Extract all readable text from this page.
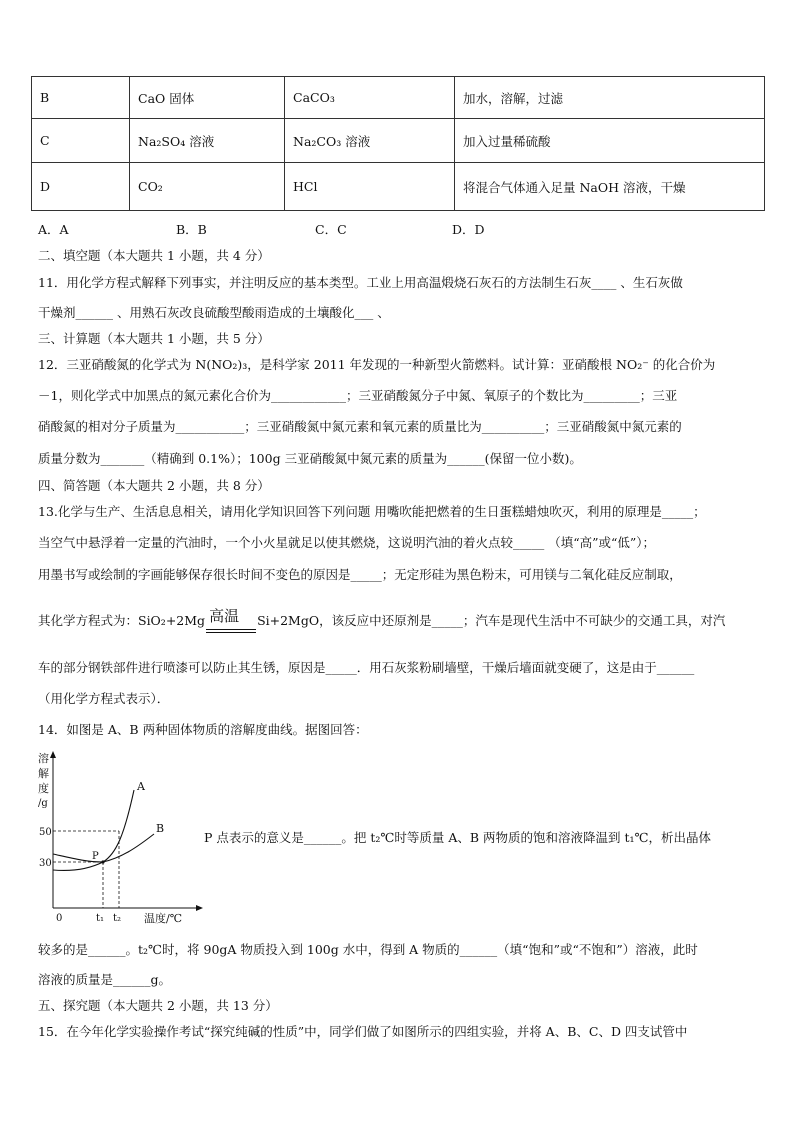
B	CaO 固体	CaCO₃	加水，溶解，过滤
C	Na₂SO₄ 溶液	Na₂CO₃ 溶液	加入过量稀硫酸
D	CO₂	HCl	将混合气体通入足量 NaOH 溶液，干燥
A．A	B．B	C．C	D．D
二、填空题（本大题共 1 小题，共 4 分）
11．用化学方程式解释下列事实，并注明反应的基本类型。工业上用高温煅烧石灰石的方法制生石灰____ 、生石灰做
干燥剂______ 、用熟石灰改良硫酸型酸雨造成的土壤酸化___ 、
三、计算题（本大题共 1 小题，共 5 分）
12．三亚硝酸氮的化学式为 N(NO₂)₃，是科学家 2011 年发现的一种新型火箭燃料。试计算：亚硝酸根 NO₂⁻ 的化合价为
－1，则化学式中加黑点的氮元素化合价为____________；三亚硝酸氮分子中氮、氧原子的个数比为_________；三亚
硝酸氮的相对分子质量为___________；三亚硝酸氮中氮元素和氧元素的质量比为__________；三亚硝酸氮中氮元素的
质量分数为_______（精确到 0.1%）；100g 三亚硝酸氮中氮元素的质量为______(保留一位小数)。
四、简答题（本大题共 2 小题，共 8 分）
13.化学与生产、生活息息相关，请用化学知识回答下列问题 用嘴吹能把燃着的生日蛋糕蜡烛吹灭，利用的原理是_____；
当空气中悬浮着一定量的汽油时，一个小火星就足以使其燃烧，这说明汽油的着火点较_____ （填“高”或“低”）；
用墨书写或绘制的字画能够保存很长时间不变色的原因是_____；无定形硅为黑色粉末，可用镁与二氧化硅反应制取，
其化学方程式为：SiO₂+2Mg 高温 Si+2MgO，该反应中还原剂是_____；汽车是现代生活中不可缺少的交通工具，对汽
车的部分钢铁部件进行喷漆可以防止其生锈，原因是_____．用石灰浆粉刷墙壁，干燥后墙面就变硬了，这是由于______
（用化学方程式表示）．
14．如图是 A、B 两种固体物质的溶解度曲线。据图回答：
溶
解
度
/g
50
30
0	t₁ t₂ 温度/℃
A
B
P
P 点表示的意义是______。把 t₂℃时等质量 A、B 两物质的饱和溶液降温到 t₁℃，析出晶体
较多的是______。t₂℃时，将 90gA 物质投入到 100g 水中，得到 A 物质的______（填“饱和”或“不饱和”）溶液，此时
溶液的质量是______g。
五、探究题（本大题共 2 小题，共 13 分）
15．在今年化学实验操作考试“探究纯碱的性质”中，同学们做了如图所示的四组实验，并将 A、B、C、D 四支试管中
